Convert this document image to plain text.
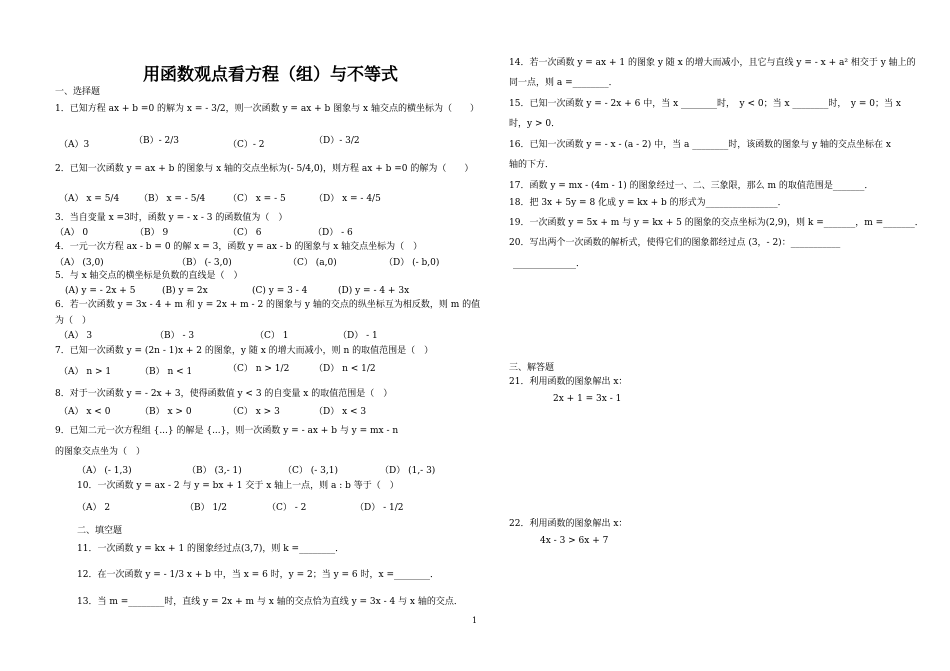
用函数观点看方程（组）与不等式
一、选择题
1．已知方程 ax + b =0 的解为 x = - 3/2，则一次函数 y = ax + b 图象与 x 轴交点的横坐标为（　　）
（A）3	（B）- 2/3	（C）- 2	（D）- 3/2
2．已知一次函数 y = ax + b 的图象与 x 轴的交点坐标为(- 5/4,0)，则方程 ax + b =0 的解为（　　）
（A） x = 5/4 （B） x = - 5/4	（C） x = - 5	（D） x = - 4/5
3．当自变量 x =3时，函数 y = - x - 3 的函数值为（　）
（A） 0	（B） 9	（C） 6	（D） - 6
4．一元一次方程 ax - b = 0 的解 x = 3，函数 y = ax - b 的图象与 x 轴交点坐标为（　）
（A） (3,0)	（B） (- 3,0)	（C） (a,0)	（D） (- b,0)
5．与 x 轴交点的横坐标是负数的直线是（　）
(A) y = - 2x + 5	(B) y = 2x	(C) y = 3 - 4	(D) y = - 4 + 3x
6．若一次函数 y = 3x - 4 + m 和 y = 2x + m - 2 的图象与 y 轴的交点的纵坐标互为相反数，则 m 的值
为（　）
（A） 3	（B） - 3	（C） 1	（D） - 1
7．已知一次函数 y = (2n - 1)x + 2 的图象，y 随 x 的增大而减小，则 n 的取值范围是（　）
（A） n > 1	（B） n < 1	（C） n > 1/2	（D） n < 1/2
8．对于一次函数 y = - 2x + 3，使得函数值 y < 3 的自变量 x 的取值范围是（　）
（A） x < 0	（B） x > 0	（C） x > 3	（D） x < 3
9．已知二元一次方程组 {...} 的解是 {...}，则一次函数 y = - ax + b 与 y = mx - n
的图象交点坐为（　）
（A） (- 1,3)	（B） (3,- 1)	（C） (- 3,1)	（D） (1,- 3)
10．一次函数 y = ax - 2 与 y = bx + 1 交于 x 轴上一点，则 a : b 等于（　）
（A） 2	（B） 1/2	（C） - 2	（D） - 1/2
二、填空题
11．一次函数 y = kx + 1 的图象经过点(3,7)，则 k =________．
12．在一次函数 y = - 1/3 x + b 中，当 x = 6 时，y = 2；当 y = 6 时，x =________．
13．当 m =________时，直线 y = 2x + m 与 x 轴的交点恰为直线 y = 3x - 4 与 x 轴的交点．
14．若一次函数 y = ax + 1 的图象 y 随 x 的增大而减小，且它与直线 y = - x + a² 相交于 y 轴上的
同一点，则 a =________．
15．已知一次函数 y = - 2x + 6 中，当 x ________时，　y < 0；当 x ________时，　y = 0；当 x
时，y > 0．
16．已知一次函数 y = - x - (a - 2) 中，当 a ________时，该函数的图象与 y 轴的交点坐标在 x
轴的下方．
17．函数 y = mx - (4m - 1) 的图象经过一、二、三象限，那么 m 的取值范围是_______．
18．把 3x + 5y = 8 化成 y = kx + b 的形式为________________．
19．一次函数 y = 5x + m 与 y = kx + 5 的图象的交点坐标为(2,9)，则 k =_______，m =_______．
20．写出两个一次函数的解析式，使得它们的图象都经过点 (3，- 2)：___________
______________．
三、解答题
21．利用函数的图象解出 x：
2x + 1 = 3x - 1
22．利用函数的图象解出 x：
4x - 3 > 6x + 7
1
